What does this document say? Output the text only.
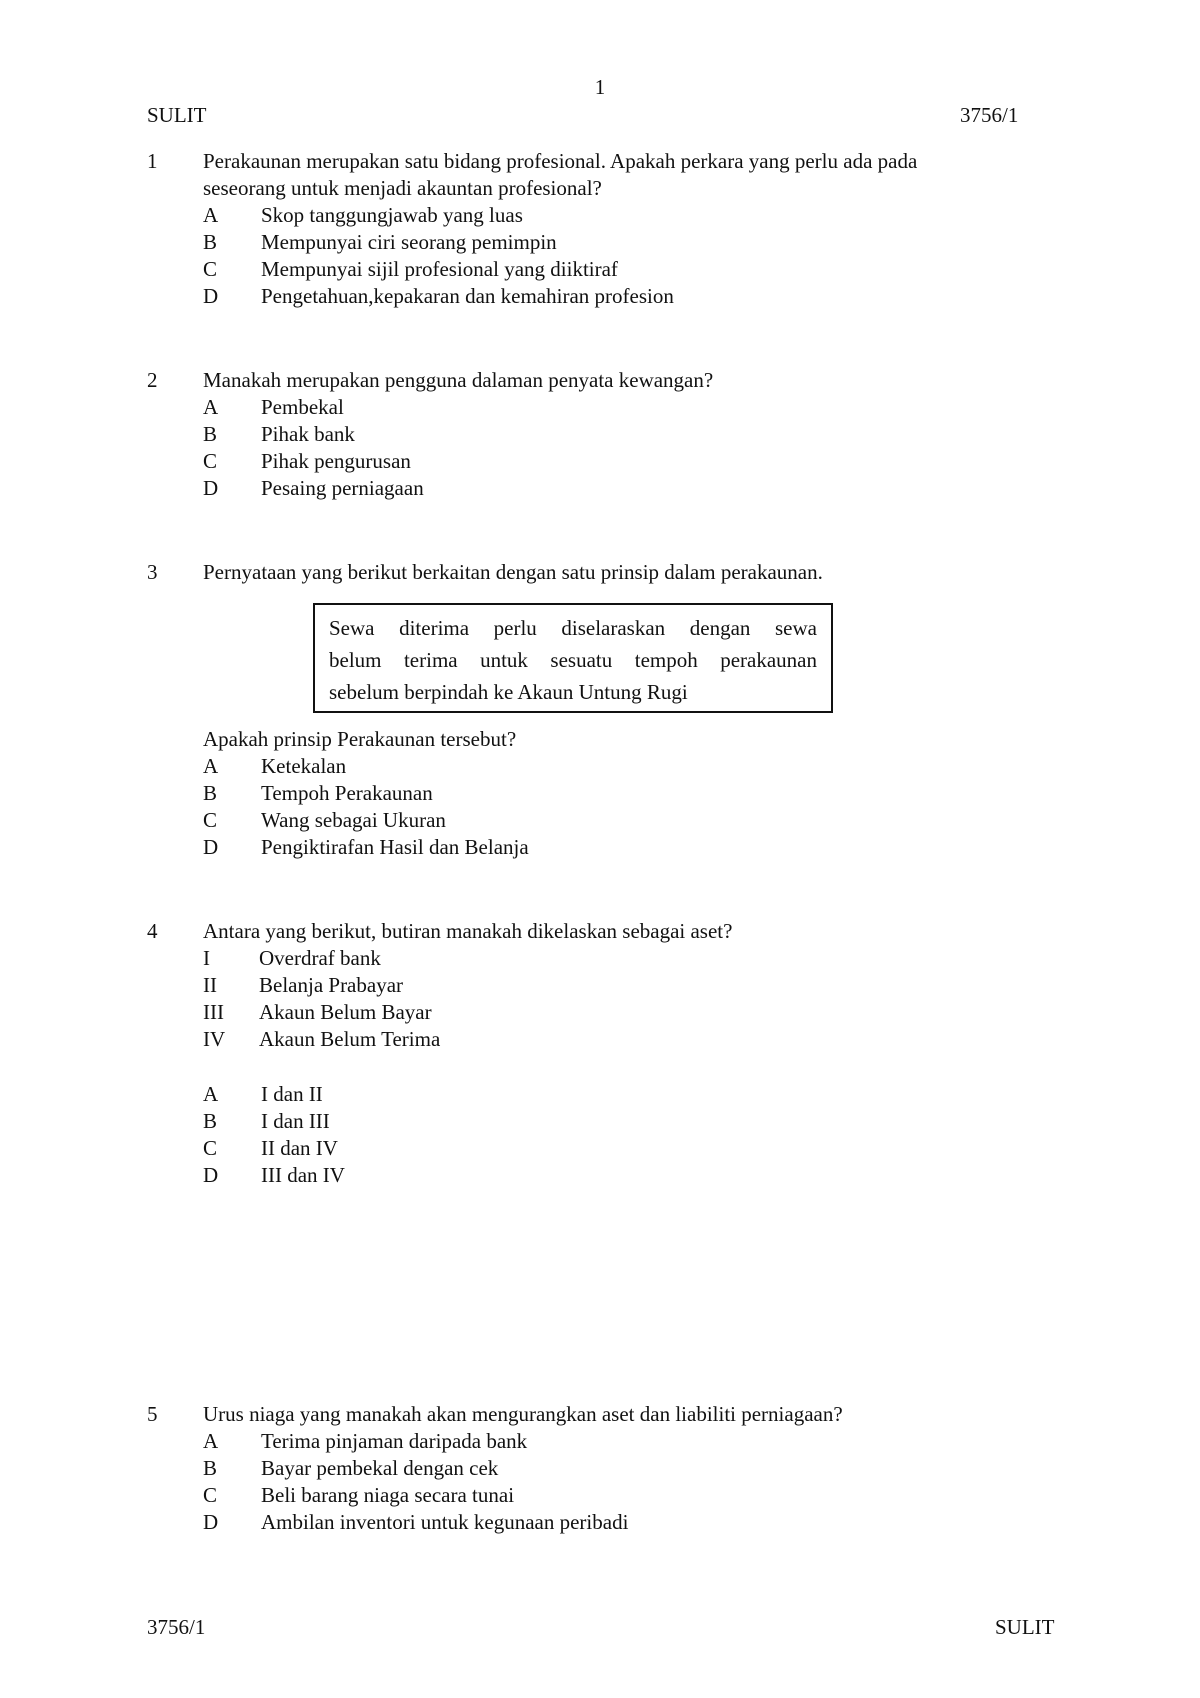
1
SULIT	3756/1
1 Perakaunan merupakan satu bidang profesional. Apakah perkara yang perlu ada pada
seseorang untuk menjadi akauntan profesional?
A Skop tanggungjawab yang luas
B Mempunyai ciri seorang pemimpin
C Mempunyai sijil profesional yang diiktiraf
D Pengetahuan,kepakaran dan kemahiran profesion
2 Manakah merupakan pengguna dalaman penyata kewangan?
A Pembekal
B Pihak bank
C Pihak pengurusan
D Pesaing perniagaan
3 Pernyataan yang berikut berkaitan dengan satu prinsip dalam perakaunan.
Sewa diterima perlu diselaraskan dengan sewa
belum terima untuk sesuatu tempoh perakaunan
sebelum berpindah ke Akaun Untung Rugi
Apakah prinsip Perakaunan tersebut?
A Ketekalan
B Tempoh Perakaunan
C Wang sebagai Ukuran
D Pengiktirafan Hasil dan Belanja
4 Antara yang berikut, butiran manakah dikelaskan sebagai aset?
I Overdraf bank
II Belanja Prabayar
III Akaun Belum Bayar
IV Akaun Belum Terima
A I dan II
B I dan III
C II dan IV
D III dan IV
5 Urus niaga yang manakah akan mengurangkan aset dan liabiliti perniagaan?
A Terima pinjaman daripada bank
B Bayar pembekal dengan cek
C Beli barang niaga secara tunai
D Ambilan inventori untuk kegunaan peribadi
3756/1	SULIT
